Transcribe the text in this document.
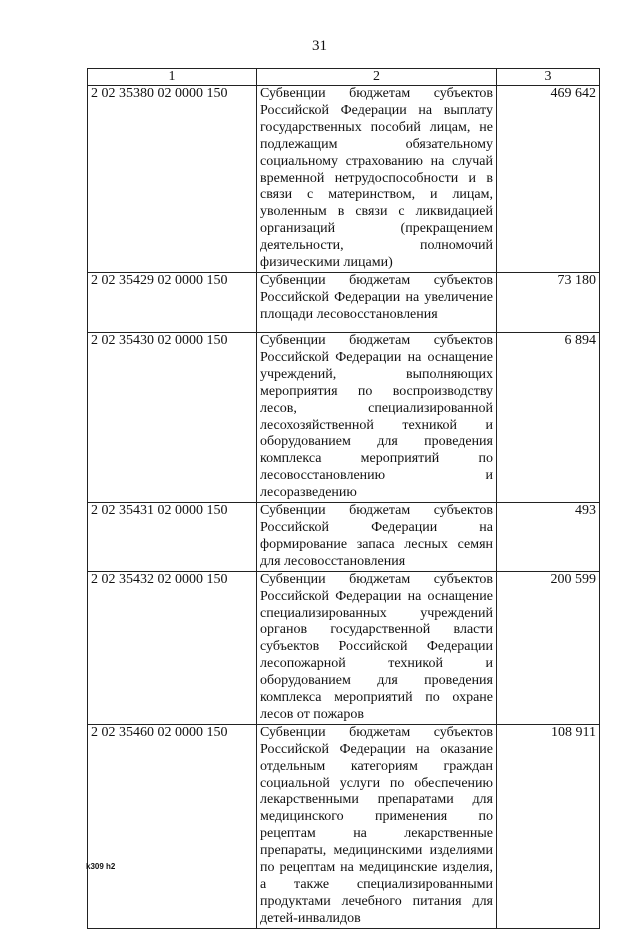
31
1	2	3
2 02 35380 02 0000 150	Субвенции бюджетам субъектов Российской Федерации на выплату государственных пособий лицам, не подлежащим обязательному социальному страхованию на случай временной нетрудоспособности и в связи с материнством, и лицам, уволенным в связи с ликвидацией организаций (прекращением деятельности, полномочий физическими лицами)	469 642
2 02 35429 02 0000 150	Субвенции бюджетам субъектов Российской Федерации на увеличение площади лесовосстановления	73 180
2 02 35430 02 0000 150	Субвенции бюджетам субъектов Российской Федерации на оснащение учреждений, выполняющих мероприятия по воспроизводству лесов, специализированной лесохозяйственной техникой и оборудованием для проведения комплекса мероприятий по лесовосстановлению и лесоразведению	6 894
2 02 35431 02 0000 150	Субвенции бюджетам субъектов Российской Федерации на формирование запаса лесных семян для лесовосстановления	493
2 02 35432 02 0000 150	Субвенции бюджетам субъектов Российской Федерации на оснащение специализированных учреждений органов государственной власти субъектов Российской Федерации лесопожарной техникой и оборудованием для проведения комплекса мероприятий по охране лесов от пожаров	200 599
2 02 35460 02 0000 150	Субвенции бюджетам субъектов Российской Федерации на оказание отдельным категориям граждан социальной услуги по обеспечению лекарственными препаратами для медицинского применения по рецептам на лекарственные препараты, медицинскими изделиями по рецептам на медицинские изделия, а также специализированными продуктами лечебного питания для детей-инвалидов	108 911
k309 h2
